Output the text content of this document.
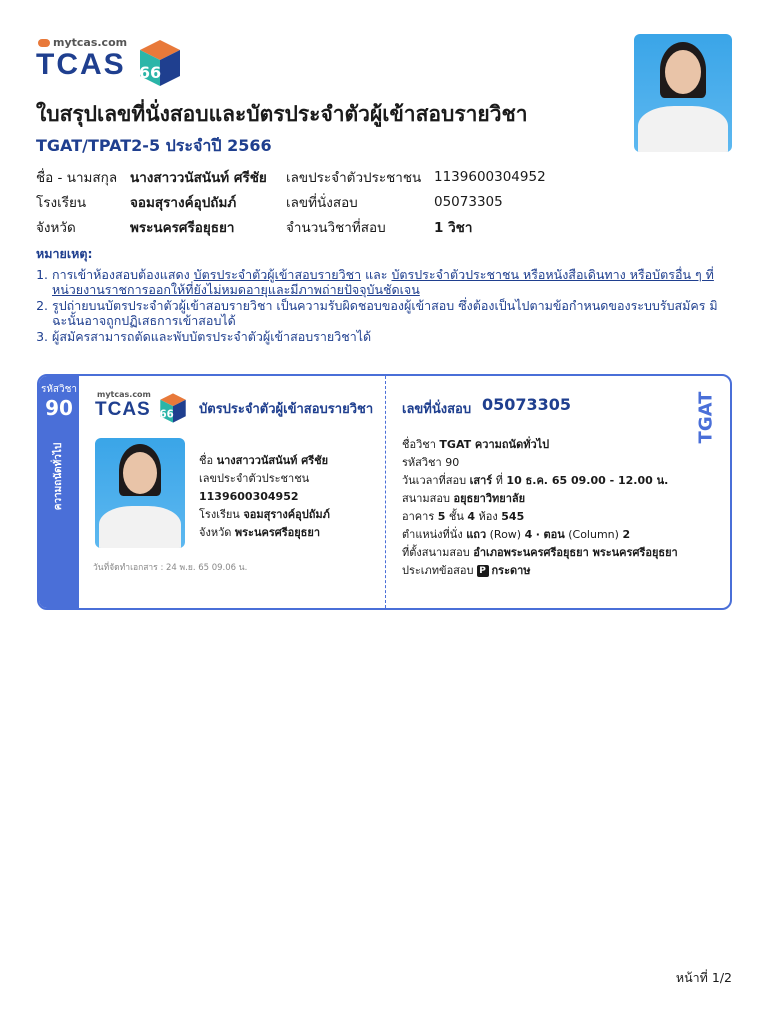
mytcas.com
TCAS 66
ใบสรุปเลขที่นั่งสอบและบัตรประจำตัวผู้เข้าสอบรายวิชา
TGAT/TPAT2-5 ประจำปี 2566
ชื่อ - นามสกุล นางสาววนัสนันท์ ศรีชัย	เลขประจำตัวประชาชน 1139600304952
โรงเรียน	จอมสุรางค์อุปถัมภ์	เลขที่นั่งสอบ	05073305
จังหวัด	พระนครศรีอยุธยา	จำนวนวิชาที่สอบ	1 วิชา
หมายเหตุ:
1. การเข้าห้องสอบต้องแสดง บัตรประจำตัวผู้เข้าสอบรายวิชา และ บัตรประจำตัวประชาชน หรือหนังสือเดินทาง หรือบัตรอื่น ๆ ที่หน่วยงานราชการออกให้ที่ยังไม่หมดอายุและมีภาพถ่ายปัจจุบันชัดเจน
2. รูปถ่ายบนบัตรประจำตัวผู้เข้าสอบรายวิชา เป็นความรับผิดชอบของผู้เข้าสอบ ซึ่งต้องเป็นไปตามข้อกำหนดของระบบรับสมัคร มิฉะนั้นอาจถูกปฏิเสธการเข้าสอบได้
3. ผู้สมัครสามารถตัดและพับบัตรประจำตัวผู้เข้าสอบรายวิชาได้
รหัสวิชา
90
ความถนัดทั่วไป
mytcas.com
TCAS 66 บัตรประจำตัวผู้เข้าสอบรายวิชา
ชื่อ นางสาววนัสนันท์ ศรีชัย
เลขประจำตัวประชาชน
1139600304952
โรงเรียน จอมสุรางค์อุปถัมภ์
จังหวัด พระนครศรีอยุธยา
วันที่จัดทำเอกสาร : 24 พ.ย. 65 09.06 น.
เลขที่นั่งสอบ 05073305	TGAT
ชื่อวิชา TGAT ความถนัดทั่วไป
รหัสวิชา 90
วันเวลาที่สอบ เสาร์ ที่ 10 ธ.ค. 65 09.00 - 12.00 น.
สนามสอบ อยุธยาวิทยาลัย
อาคาร 5 ชั้น 4 ห้อง 545
ตำแหน่งที่นั่ง แถว (Row) 4 · ตอน (Column) 2
ที่ตั้งสนามสอบ อำเภอพระนครศรีอยุธยา พระนครศรีอยุธยา
ประเภทข้อสอบ P กระดาษ
หน้าที่ 1/2
